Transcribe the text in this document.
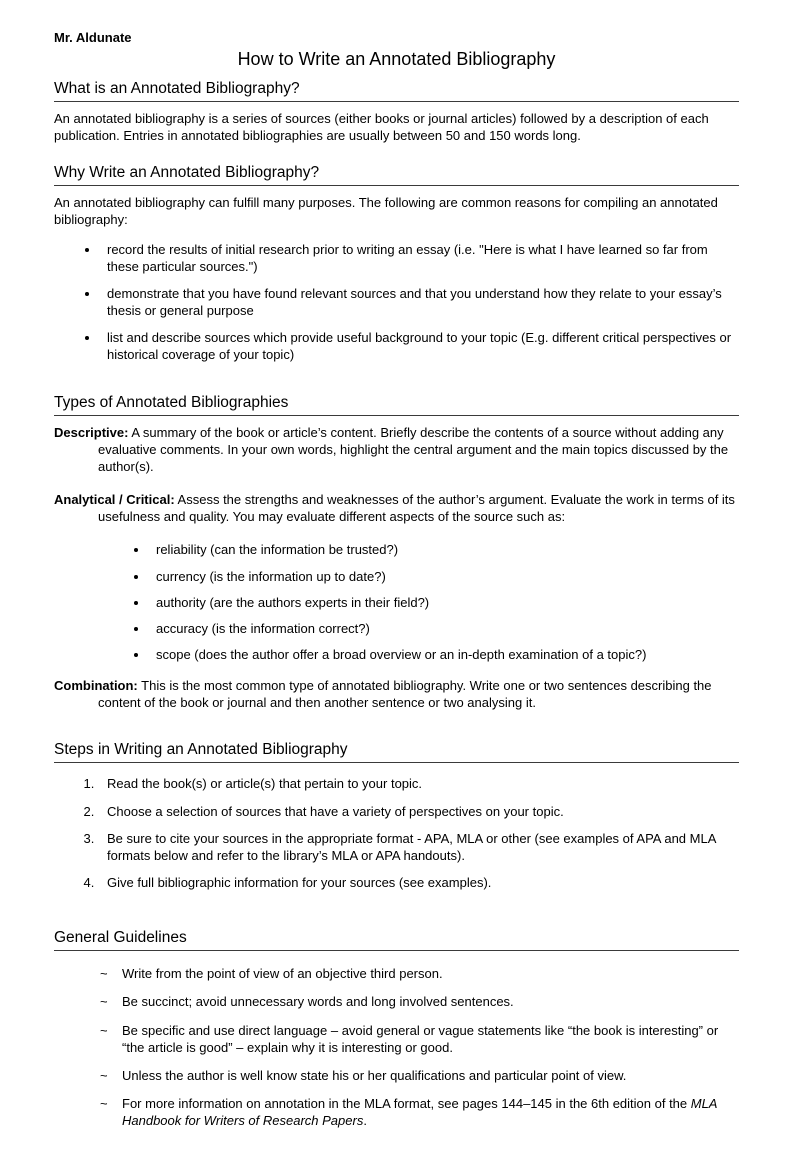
Mr. Aldunate
How to Write an Annotated Bibliography
What is an Annotated Bibliography?

An annotated bibliography is a series of sources (either books or journal articles) followed by a description of each publication. Entries in annotated bibliographies are usually between 50 and 150 words long.

Why Write an Annotated Bibliography?

An annotated bibliography can fulfill many purposes. The following are common reasons for compiling an annotated bibliography:

• record the results of initial research prior to writing an essay (i.e. "Here is what I have learned so far from these particular sources.")
• demonstrate that you have found relevant sources and that you understand how they relate to your essay’s thesis or general purpose
• list and describe sources which provide useful background to your topic (E.g. different critical perspectives or historical coverage of your topic)
Types of Annotated Bibliographies

Descriptive: A summary of the book or article’s content. Briefly describe the contents of a source without adding any evaluative comments. In your own words, highlight the central argument and the main topics discussed by the author(s).

Analytical / Critical: Assess the strengths and weaknesses of the author’s argument. Evaluate the work in terms of its usefulness and quality. You may evaluate different aspects of the source such as:

• reliability (can the information be trusted?)
• currency (is the information up to date?)
• authority (are the authors experts in their field?)
• accuracy (is the information correct?)
• scope (does the author offer a broad overview or an in-depth examination of a topic?)

Combination: This is the most common type of annotated bibliography. Write one or two sentences describing the content of the book or journal and then another sentence or two analysing it.

Steps in Writing an Annotated Bibliography
1. Read the book(s) or article(s) that pertain to your topic.
2. Choose a selection of sources that have a variety of perspectives on your topic.
3. Be sure to cite your sources in the appropriate format - APA, MLA or other (see examples of APA and MLA formats below and refer to the library’s MLA or APA handouts).
4. Give full bibliographic information for your sources (see examples).
General Guidelines
~	Write from the point of view of an objective third person.
~	Be succinct; avoid unnecessary words and long involved sentences.
~	Be specific and use direct language – avoid general or vague statements like “the book is interesting” or “the article is good” – explain why it is interesting or good.
~	Unless the author is well know state his or her qualifications and particular point of view.
~	For more information on annotation in the MLA format, see pages 144–145 in the 6th edition of the MLA Handbook for Writers of Research Papers.
